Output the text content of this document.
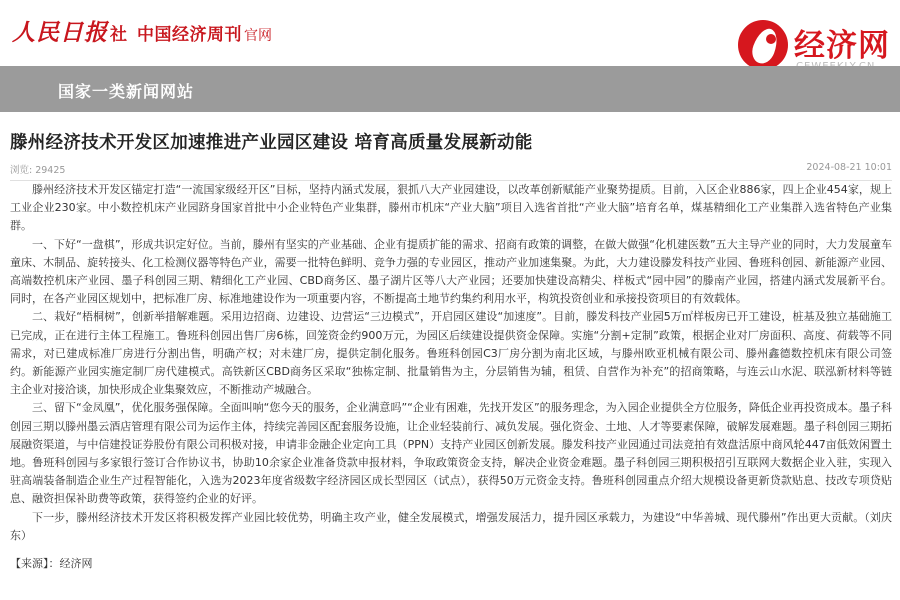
人民日报 社 中国经济周刊 官网	经济网
国家一类新闻网站
滕州经济技术开发区加速推进产业园区建设 培育高质量发展新动能
浏览: 29425	2024-08-21 10:01

滕州经济技术开发区锚定打造“一流国家级经开区”目标，坚持内涵式发展，狠抓八大产业园建设，以改革创新赋能产业聚势提质。目前，入区企业886家，四上企业454家，规上工业企业230家。中小数控机床产业园跻身国家首批中小企业特色产业集群，滕州市机床“产业大脑”项目入选省首批“产业大脑”培育名单，煤基精细化工产业集群入选省特色产业集群。

一、下好“一盘棋”，形成共识定好位。当前，滕州有坚实的产业基础、企业有提质扩能的需求、招商有政策的调整，在做大做强“化机建医数”五大主导产业的同时，大力发展童车童床、木制品、旋转接头、化工检测仪器等特色产业，需要一批特色鲜明、竞争力强的专业园区，推动产业加速集聚。为此，大力建设滕发科技产业园、鲁班科创园、新能源产业园、高端数控机床产业园、墨子科创园三期、精细化工产业园、CBD商务区、墨子湖片区等八大产业园；还要加快建设高精尖、样板式“园中园”的滕南产业园，搭建内涵式发展新平台。同时，在各产业园区规划中，把标准厂房、标准地建设作为一项重要内容，不断提高土地节约集约利用水平，构筑投资创业和承接投资项目的有效载体。

二、栽好“梧桐树”，创新举措解难题。采用边招商、边建设、边营运“三边模式”，开启园区建设“加速度”。目前，滕发科技产业园5万㎡样板房已开工建设，桩基及独立基础施工已完成，正在进行主体工程施工。鲁班科创园出售厂房6栋，回笼资金约900万元，为园区后续建设提供资金保障。实施“分割+定制”政策，根据企业对厂房面积、高度、荷载等不同需求，对已建成标准厂房进行分割出售，明确产权；对未建厂房，提供定制化服务。鲁班科创园C3厂房分割为南北区域，与滕州欧亚机械有限公司、滕州鑫德数控机床有限公司签约。新能源产业园实施定制厂房代建模式。高铁新区CBD商务区采取“独栋定制、批量销售为主，分层销售为辅，租赁、自营作为补充”的招商策略，与连云山水泥、联泓新材料等链主企业对接洽谈，加快形成企业集聚效应，不断推动产城融合。

三、留下“金凤凰”，优化服务强保障。全面叫响“您今天的服务，企业满意吗”“企业有困难，先找开发区”的服务理念，为入园企业提供全方位服务，降低企业再投资成本。墨子科创园三期以滕州墨云酒店管理有限公司为运作主体，持续完善园区配套服务设施，让企业轻装前行、减负发展。强化资金、土地、人才等要素保障，破解发展难题。墨子科创园三期拓展融资渠道，与中信建投证券股份有限公司积极对接，申请非金融企业定向工具（PPN）支持产业园区创新发展。滕发科技产业园通过司法竞拍有效盘活原中商风轮447亩低效闲置土地。鲁班科创园与多家银行签订合作协议书，协助10余家企业准备贷款申报材料，争取政策资金支持，解决企业资金难题。墨子科创园三期积极招引互联网大数据企业入驻，实现入驻高端装备制造企业生产过程智能化，入选为2023年度省级数字经济园区成长型园区（试点），获得50万元资金支持。鲁班科创园重点介绍大规模设备更新贷款贴息、技改专项贷贴息、融资担保补助费等政策，获得签约企业的好评。

下一步，滕州经济技术开发区将积极发挥产业园比较优势，明确主攻产业，健全发展模式，增强发展活力，提升园区承载力，为建设“中华善城、现代滕州”作出更大贡献。（刘庆东）

【来源】：经济网
